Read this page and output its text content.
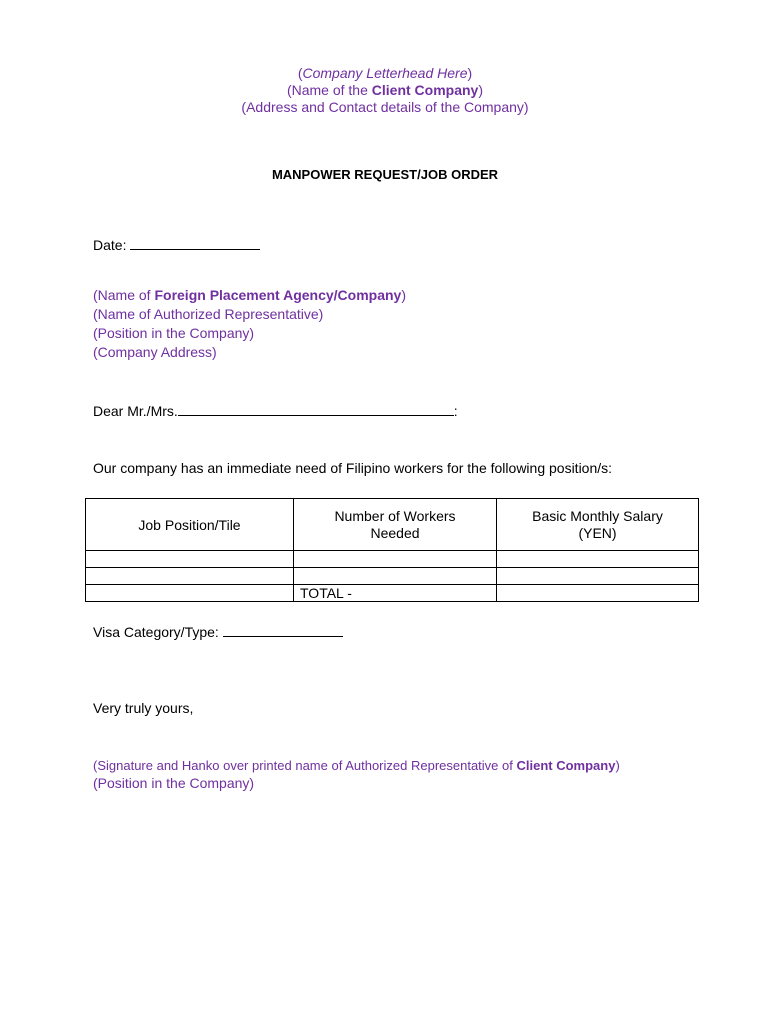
(Company Letterhead Here)
(Name of the Client Company)
(Address and Contact details of the Company)
MANPOWER REQUEST/JOB ORDER
Date:
(Name of Foreign Placement Agency/Company)
(Name of Authorized Representative)
(Position in the Company)
(Company Address)
Dear Mr./Mrs.	:
Our company has an immediate need of Filipino workers for the following position/s:
Job Position/Tile	Number of Workers Needed	Basic Monthly Salary (YEN)

	TOTAL -	
Visa Category/Type:
Very truly yours,
(Signature and Hanko over printed name of Authorized Representative of Client Company)
(Position in the Company)
